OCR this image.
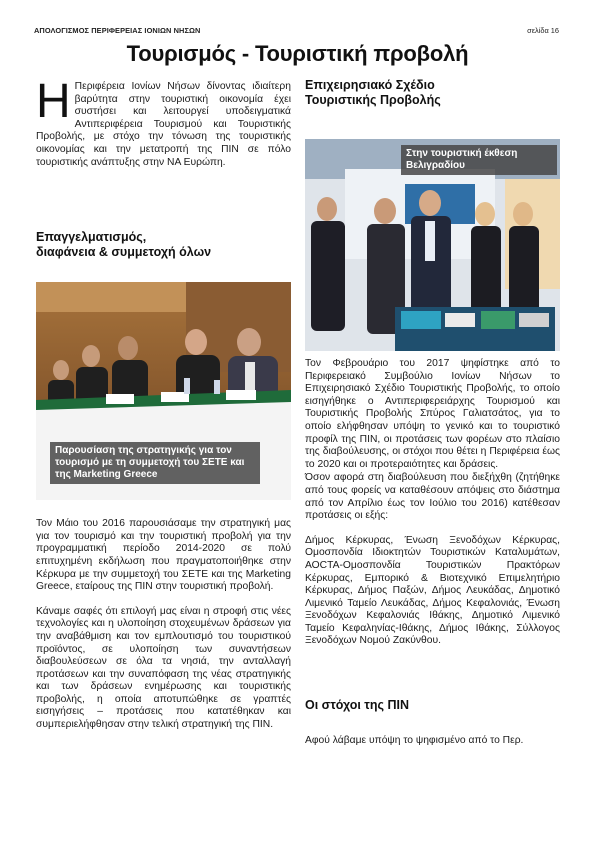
ΑΠΟΛΟΓΙΣΜΟΣ ΠΕΡΙΦΕΡΕΙΑΣ ΙΟΝΙΩΝ ΝΗΣΩΝ	σελίδα 16
Τουρισμός - Τουριστική προβολή
Η Περιφέρεια Ιονίων Νήσων δίνοντας ιδιαίτερη βαρύτητα στην τουριστική οικονομία έχει συστήσει και λειτουργεί υποδειγματικά Αντιπεριφέρεια Τουρισμού και Τουριστικής Προβολής, με στόχο την τόνωση της τουριστικής οικονομίας και την μετατροπή της ΠΙΝ σε πόλο τουριστικής ανάπτυξης στην ΝΑ Ευρώπη.

Επαγγελματισμός,
διαφάνεια & συμμετοχή όλων

Παρουσίαση της στρατηγικής για τον τουρισμό με τη συμμετοχή του ΣΕΤΕ και της Marketing Greece

Τον Μάιο του 2016 παρουσιάσαμε την στρατηγική μας για τον τουρισμό και την τουριστική προβολή για την προγραμματική περίοδο 2014-2020 σε πολύ επιτυχημένη εκδήλωση που πραγματοποιήθηκε στην Κέρκυρα με την συμμετοχή του ΣΕΤΕ και της Marketing Greece, εταίρους της ΠΙΝ στην τουριστική προβολή.

Κάναμε σαφές ότι επιλογή μας είναι η στροφή στις νέες τεχνολογίες και η υλοποίηση στοχευμένων δράσεων για την αναβάθμιση και τον εμπλουτισμό του τουριστικού προϊόντος, σε υλοποίηση των συναντήσεων διαβουλεύσεων σε όλα τα νησιά, την ανταλλαγή προτάσεων και την συναπόφαση της νέας στρατηγικής και των δράσεων ενημέρωσης και τουριστικής προβολής, η οποία αποτυπώθηκε σε γραπτές εισηγήσεις – προτάσεις που κατατέθηκαν και συμπεριελήφθησαν στην τελική στρατηγική της ΠΙΝ.

Επιχειρησιακό Σχέδιο
Τουριστικής Προβολής

Στην τουριστική έκθεση Βελιγραδίου

Τον Φεβρουάριο του 2017 ψηφίστηκε από το Περιφερειακό Συμβούλιο Ιονίων Νήσων το Επιχειρησιακό Σχέδιο Τουριστικής Προβολής, το οποίο εισηγήθηκε ο Αντιπεριφερειάρχης Τουρισμού και Τουριστικής Προβολής Σπύρος Γαλιατσάτος, για το οποίο ελήφθησαν υπόψη το γενικό και το τουριστικό προφίλ της ΠΙΝ, οι προτάσεις των φορέων στο πλαίσιο της διαβούλευσης, οι στόχοι που θέτει η Περιφέρεια έως το 2020 και οι προτεραιότητες και δράσεις.

Όσον αφορά στη διαβούλευση που διεξήχθη (ζητήθηκε από τους φορείς να καταθέσουν απόψεις στο διάστημα από τον Απρίλιο έως τον Ιούλιο του 2016) κατέθεσαν προτάσεις οι εξής:

Δήμος Κέρκυρας, Ένωση Ξενοδόχων Κέρκυρας, Ομοσπονδία Ιδιοκτητών Τουριστικών Καταλυμάτων, ΑΟCΤΑ-Ομοσπονδία Τουριστικών Πρακτόρων Κέρκυρας, Εμπορικό & Βιοτεχνικό Επιμελητήριο Κέρκυρας, Δήμος Παξών, Δήμος Λευκάδας, Δημοτικό Λιμενικό Ταμείο Λευκάδας, Δήμος Κεφαλονιάς, Ένωση Ξενοδόχων Κεφαλονιάς Ιθάκης, Δημοτικό Λιμενικό Ταμείο Κεφαληνίας-Ιθάκης, Δήμος Ιθάκης, Σύλλογος Ξενοδόχων Νομού Ζακύνθου.

Οι στόχοι της ΠΙΝ

Αφού λάβαμε υπόψη το ψηφισμένο από το Περ.
